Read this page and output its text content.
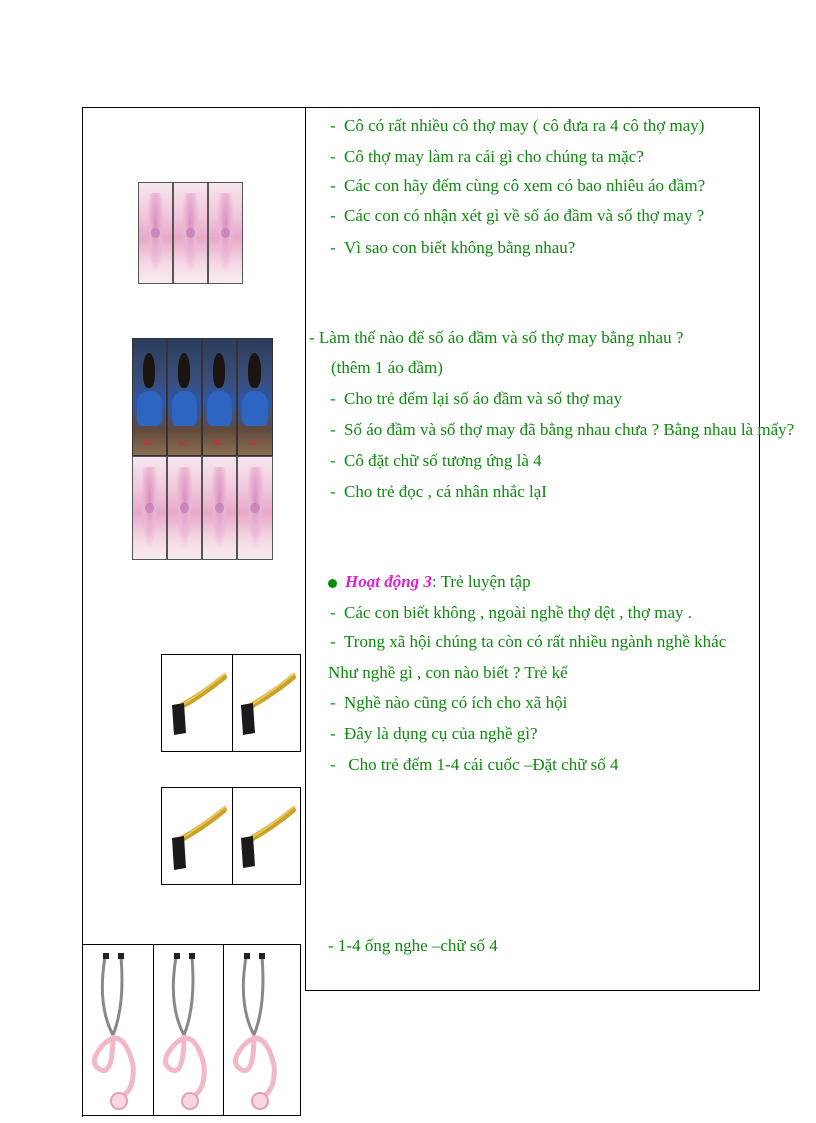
sc	sc	sc	sc
- Cô có rất nhiều cô thợ may ( cô đưa ra 4 cô thợ may)
- Cô thợ may làm ra cái gì cho chúng ta mặc?
- Các con hãy đếm cùng cô xem có bao nhiêu áo đầm?
- Các con có nhận xét gì về số áo đầm và số thợ may ?
- Vì sao con biết không bằng nhau?
- Làm thế nào để số áo đầm và số thợ may bằng nhau ?
(thêm 1 áo đầm)
- Cho trẻ đếm lại số áo đầm và số thợ may
- Số áo đầm và số thợ may đã bằng nhau chưa ? Bằng nhau là mấy?
- Cô đặt chữ số tương ứng là 4
- Cho trẻ đọc , cá nhân nhắc lạI
Hoạt động 3: Trẻ luyện tập
- Các con biết không , ngoài nghề thợ dệt , thợ may .
- Trong xã hội chúng ta còn có rất nhiều ngành nghề khác
Như nghề gì , con nào biết ? Trẻ kể
- Nghề nào cũng có ích cho xã hội
- Đây là dụng cụ của nghề gì?
- Cho trẻ đếm 1-4 cái cuốc –Đặt chữ số 4
- 1-4 ống nghe –chữ số 4
